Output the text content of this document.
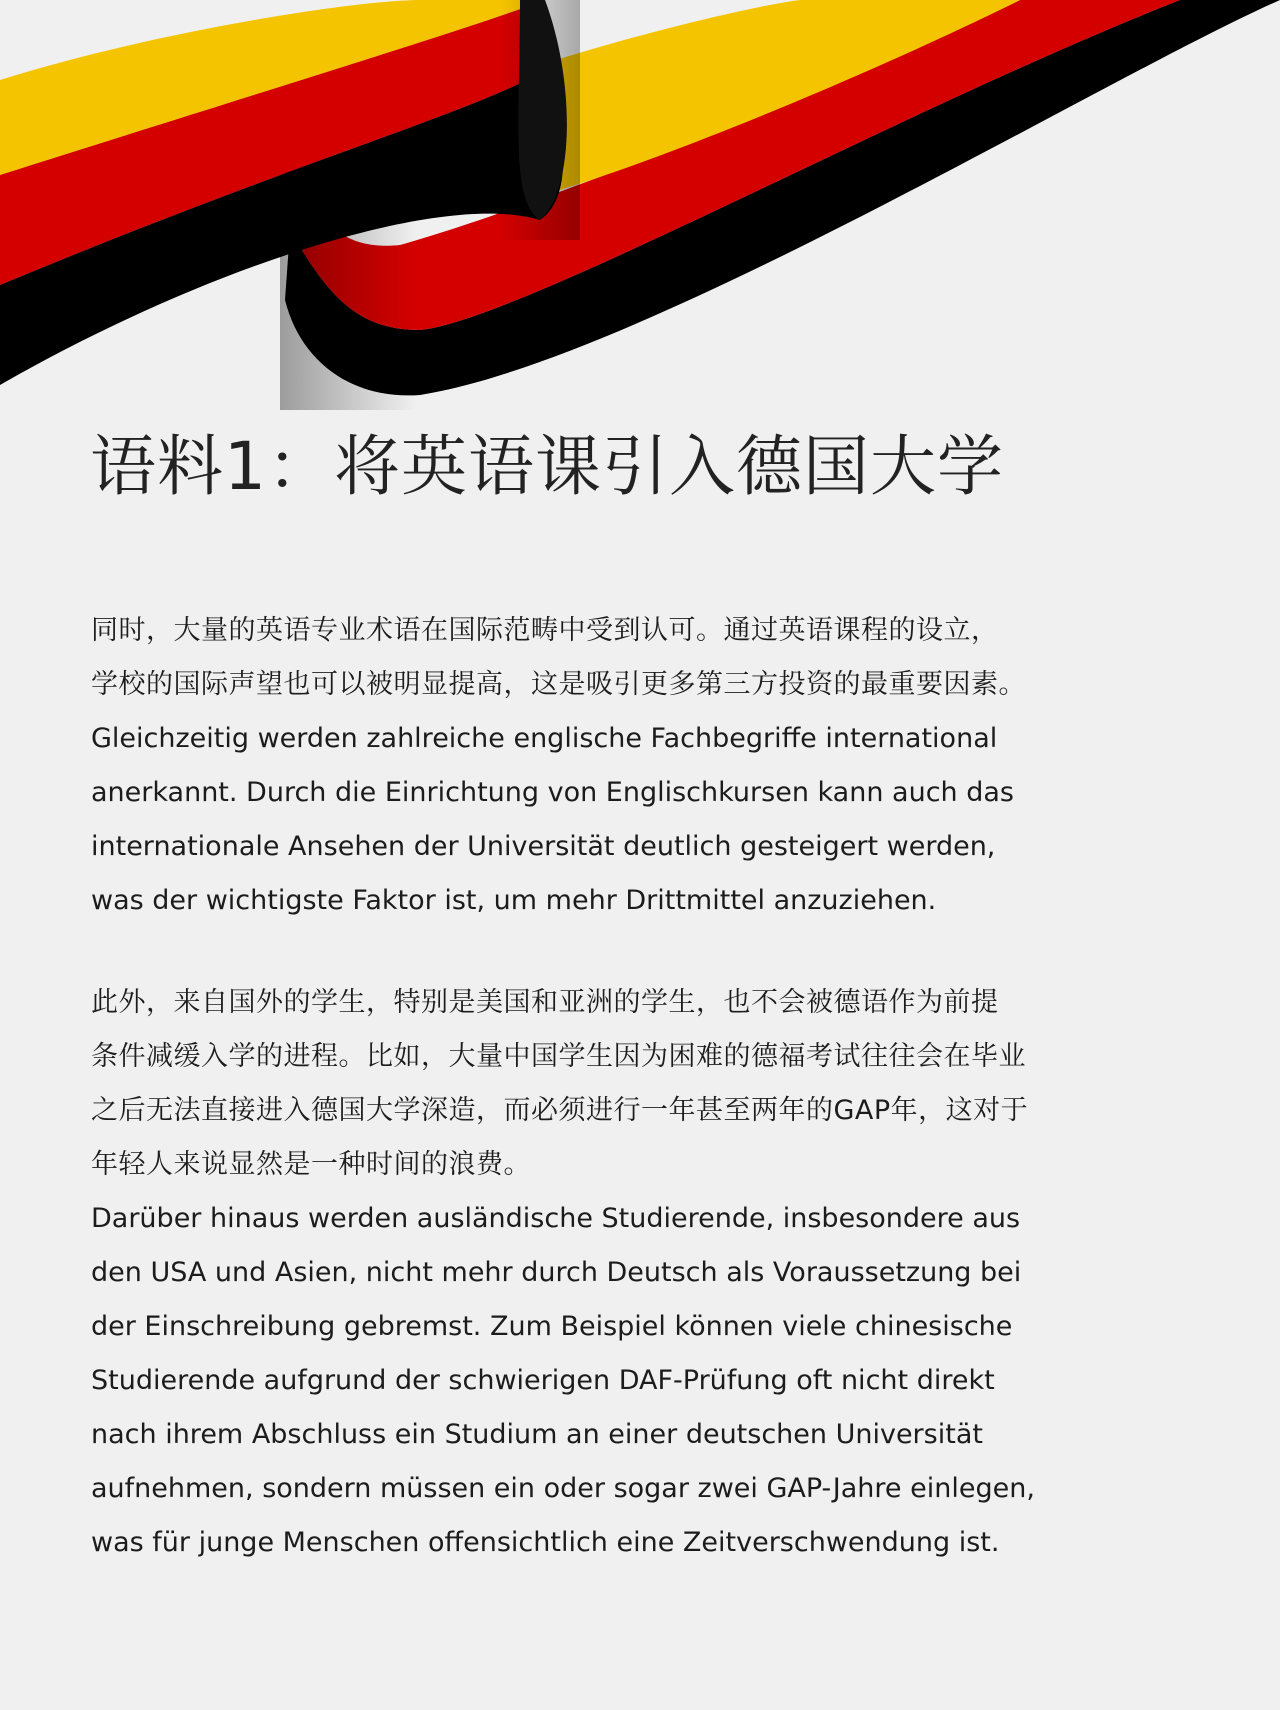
语料1：将英语课引入德国大学

同时，大量的英语专业术语在国际范畴中受到认可。通过英语课程的设立，
学校的国际声望也可以被明显提高，这是吸引更多第三方投资的最重要因素。

Gleichzeitig werden zahlreiche englische Fachbegriffe international
anerkannt. Durch die Einrichtung von Englischkursen kann auch das
internationale Ansehen der Universität deutlich gesteigert werden,
was der wichtigste Faktor ist, um mehr Drittmittel anzuziehen.

此外，来自国外的学生，特别是美国和亚洲的学生，也不会被德语作为前提
条件减缓入学的进程。比如，大量中国学生因为困难的德福考试往往会在毕业
之后无法直接进入德国大学深造，而必须进行一年甚至两年的GAP年，这对于
年轻人来说显然是一种时间的浪费。

Darüber hinaus werden ausländische Studierende, insbesondere aus
den USA und Asien, nicht mehr durch Deutsch als Voraussetzung bei
der Einschreibung gebremst. Zum Beispiel können viele chinesische
Studierende aufgrund der schwierigen DAF-Prüfung oft nicht direkt
nach ihrem Abschluss ein Studium an einer deutschen Universität
aufnehmen, sondern müssen ein oder sogar zwei GAP-Jahre einlegen,
was für junge Menschen offensichtlich eine Zeitverschwendung ist.
